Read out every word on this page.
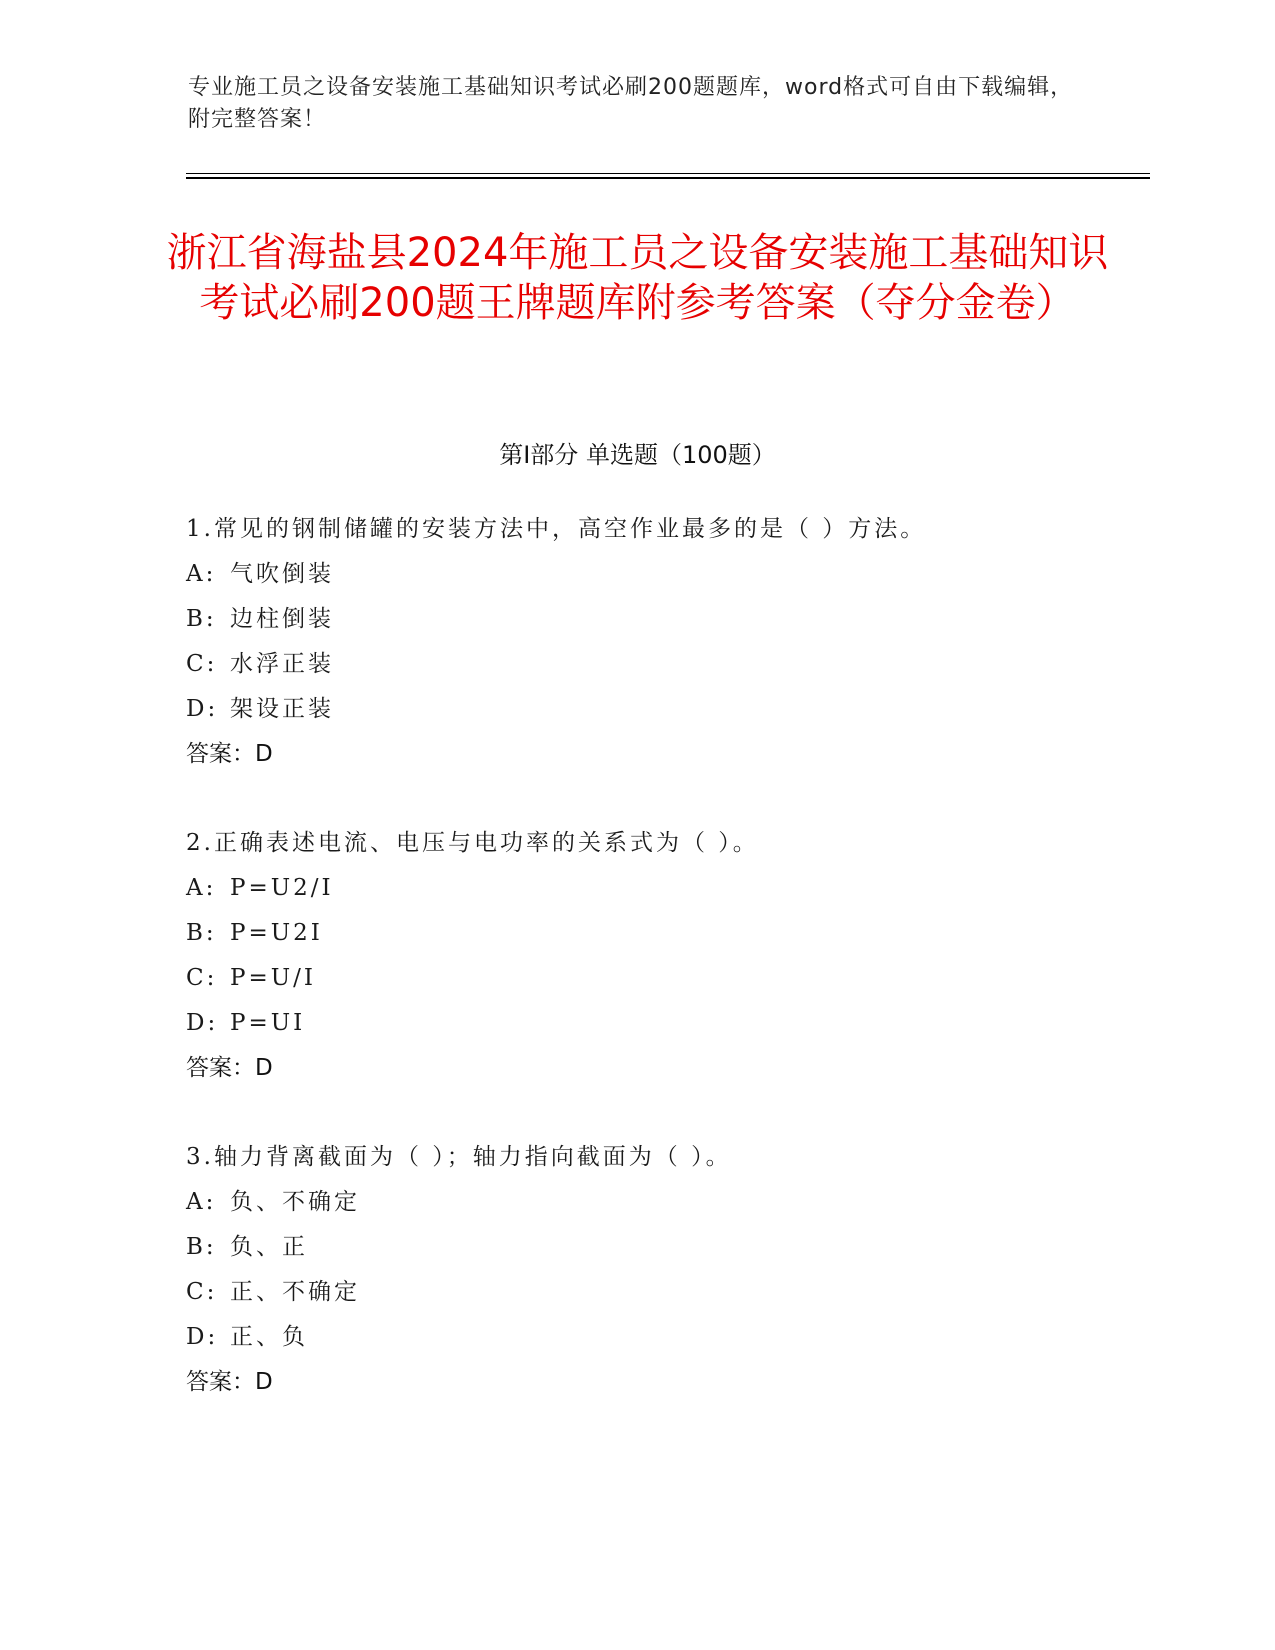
专业施工员之设备安装施工基础知识考试必刷200题题库，word格式可自由下载编辑，附完整答案！
浙江省海盐县2024年施工员之设备安装施工基础知识考试必刷200题王牌题库附参考答案（夺分金卷）
第Ⅰ部分 单选题（100题）
1.常见的钢制储罐的安装方法中，高空作业最多的是（ ）方法。
A: 气吹倒装
B: 边柱倒装
C: 水浮正装
D: 架设正装
答案：D
2.正确表述电流、电压与电功率的关系式为（ ）。
A: P=U2/I
B: P=U2I
C: P=U/I
D: P=UI
答案：D
3.轴力背离截面为（ ）；轴力指向截面为（ ）。
A: 负、不确定
B: 负、正
C: 正、不确定
D: 正、负
答案：D
